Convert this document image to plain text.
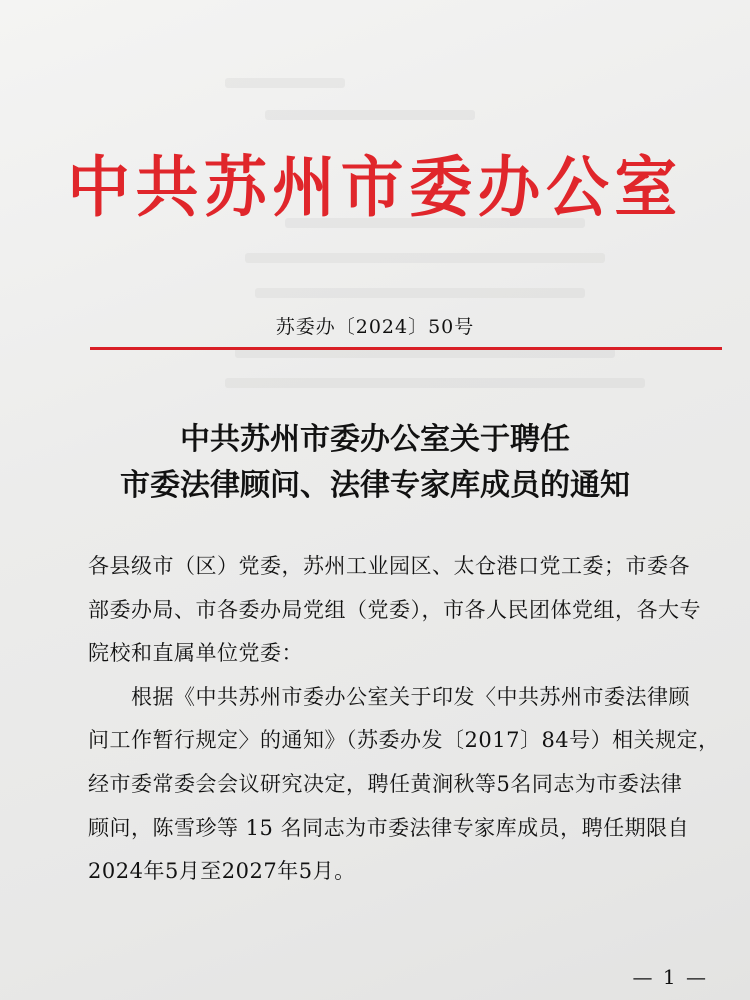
中共苏州市委办公室
苏委办〔2024〕50号
中共苏州市委办公室关于聘任
市委法律顾问、法律专家库成员的通知
各县级市（区）党委，苏州工业园区、太仓港口党工委；市委各
部委办局、市各委办局党组（党委），市各人民团体党组，各大专
院校和直属单位党委：
　　根据《中共苏州市委办公室关于印发〈中共苏州市委法律顾
问工作暂行规定〉的通知》（苏委办发〔2017〕84号）相关规定，
经市委常委会会议研究决定，聘任黄涧秋等5名同志为市委法律
顾问，陈雪珍等 15 名同志为市委法律专家库成员，聘任期限自
2024年5月至2027年5月。
— 1 —
